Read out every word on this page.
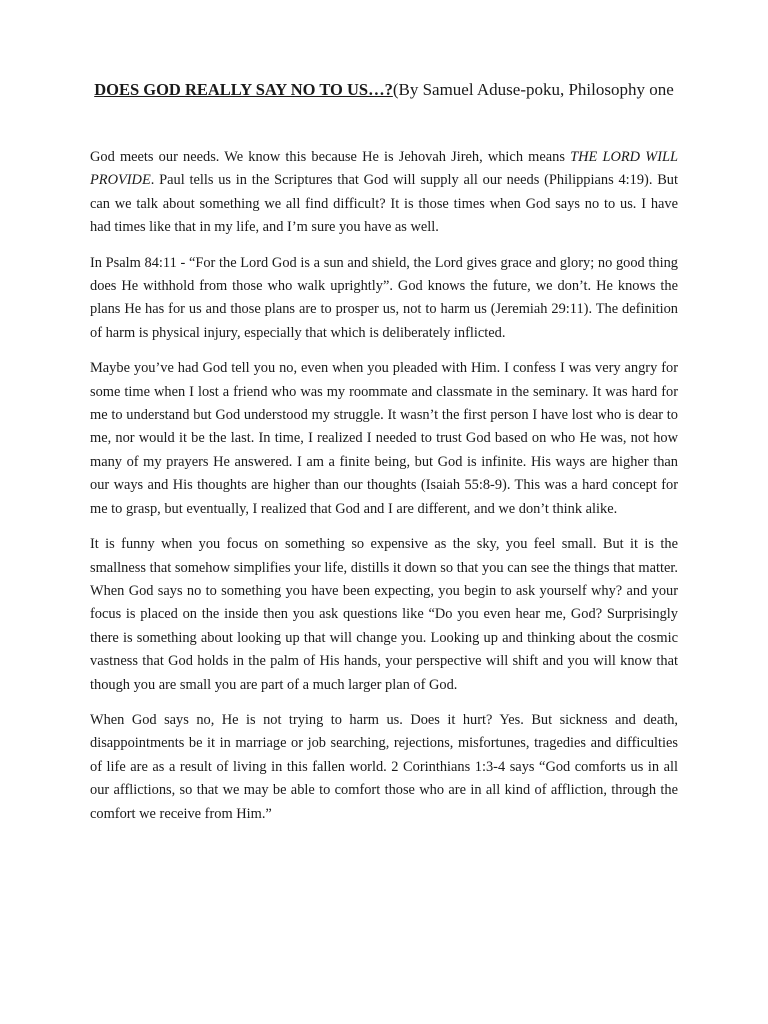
DOES GOD REALLY SAY NO TO US…?(By Samuel Aduse-poku, Philosophy one

God meets our needs. We know this because He is Jehovah Jireh, which means THE LORD WILL PROVIDE. Paul tells us in the Scriptures that God will supply all our needs (Philippians 4:19). But can we talk about something we all find difficult? It is those times when God says no to us. I have had times like that in my life, and I’m sure you have as well.

In Psalm 84:11 - “For the Lord God is a sun and shield, the Lord gives grace and glory; no good thing does He withhold from those who walk uprightly”. God knows the future, we don’t. He knows the plans He has for us and those plans are to prosper us, not to harm us (Jeremiah 29:11). The definition of harm is physical injury, especially that which is deliberately inflicted.

Maybe you’ve had God tell you no, even when you pleaded with Him. I confess I was very angry for some time when I lost a friend who was my roommate and classmate in the seminary. It was hard for me to understand but God understood my struggle. It wasn’t the first person I have lost who is dear to me, nor would it be the last. In time, I realized I needed to trust God based on who He was, not how many of my prayers He answered. I am a finite being, but God is infinite. His ways are higher than our ways and His thoughts are higher than our thoughts (Isaiah 55:8-9). This was a hard concept for me to grasp, but eventually, I realized that God and I are different, and we don’t think alike.

It is funny when you focus on something so expensive as the sky, you feel small. But it is the smallness that somehow simplifies your life, distills it down so that you can see the things that matter. When God says no to something you have been expecting, you begin to ask yourself why? and your focus is placed on the inside then you ask questions like “Do you even hear me, God? Surprisingly there is something about looking up that will change you. Looking up and thinking about the cosmic vastness that God holds in the palm of His hands, your perspective will shift and you will know that though you are small you are part of a much larger plan of God.

When God says no, He is not trying to harm us. Does it hurt? Yes. But sickness and death, disappointments be it in marriage or job searching, rejections, misfortunes, tragedies and difficulties of life are as a result of living in this fallen world. 2 Corinthians 1:3-4 says “God comforts us in all our afflictions, so that we may be able to comfort those who are in all kind of affliction, through the comfort we receive from Him.”
